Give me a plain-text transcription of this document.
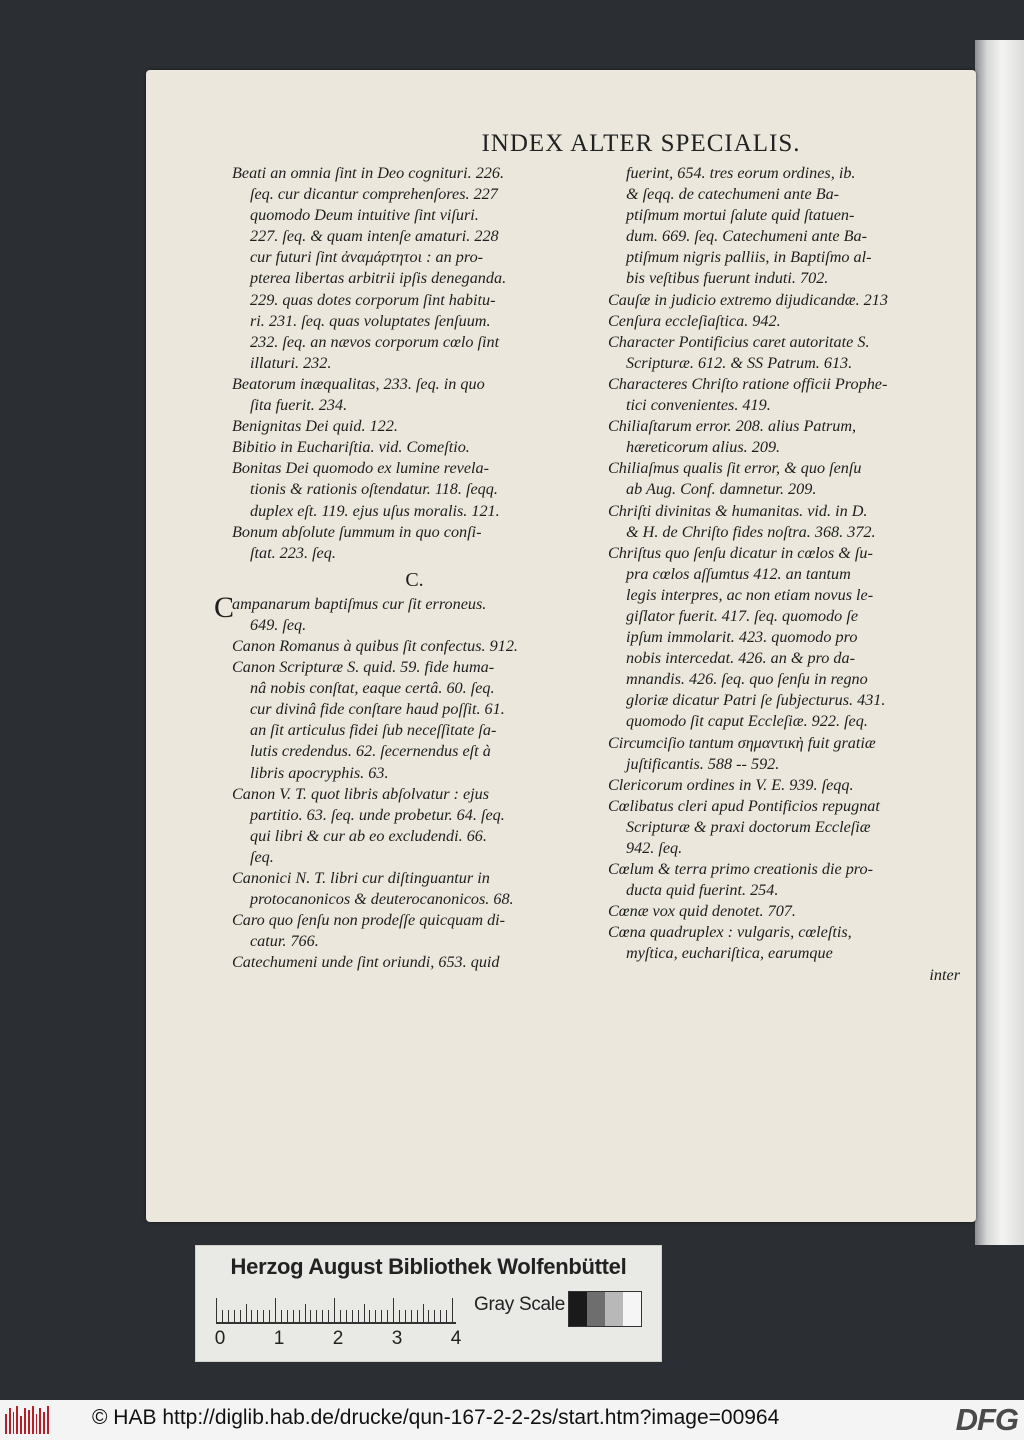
INDEX ALTER SPECIALIS.

Beati an omnia ſint in Deo cogniturі. 226.

ſeq. cur dicantur comprehenſores. 227

quomodo Deum intuitive ſint viſuri.

227. ſeq. & quam intenſe amaturi. 228

cur futuri ſint ἀναμάρτητοι : an pro-

pterea libertas arbitrii ipſis deneganda.

229. quas dotes corporum ſint habitu-

ri. 231. ſeq. quas voluptates ſenſuum.

232. ſeq. an nævos corporum cœlo ſint

illaturi. 232.

Beatorum inæqualitas, 233. ſeq. in quo

ſita fuerit. 234.

Benignitas Dei quid. 122.

Bibitio in Euchariſtia. vid. Comeſtio.

Bonitas Dei quomodo ex lumine revela-

tionis & rationis oſtendatur. 118. ſeqq.

duplex eſt. 119. ejus uſus moralis. 121.

Bonum abſolute ſummum in quo conſi-

ſtat. 223. ſeq.

C.

C
ampanarum baptiſmus cur ſit erroneus.

649. ſeq.

Canon Romanus à quibus ſit confectus. 912.

Canon Scripturæ S. quid. 59. fide huma-

nâ nobis conſtat, eaque certâ. 60. ſeq.

cur divinâ fide conſtare haud poſſit. 61.

an ſit articulus fidei ſub neceſſitate ſa-

lutis credendus. 62. ſecernendus eſt à

libris apocryphis. 63.

Canon V. T. quot libris abſolvatur : ejus

partitio. 63. ſeq. unde probetur. 64. ſeq.

qui libri & cur ab eo excludendi. 66.

ſeq.

Canonici N. T. libri cur diſtinguantur in

protocanonicos & deuterocanonicos. 68.

Caro quo ſenſu non prodeſſe quicquam di-

catur. 766.

Catechumeni unde ſint oriundi, 653. quid

fuerint, 654. tres eorum ordines, ib.

& ſeqq. de catechumeni ante Ba-

ptiſmum mortui ſalute quid ſtatuen-

dum. 669. ſeq. Catechumeni ante Ba-

ptiſmum nigris palliis, in Baptiſmo al-

bis veſtibus fuerunt induti. 702.

Cauſæ in judicio extremo dijudicandæ. 213

Cenſura eccleſiaſtica. 942.

Character Pontificius caret autoritate S.

Scripturæ. 612. & SS Patrum. 613.

Characteres Chriſto ratione officii Prophe-

tici convenientes. 419.

Chiliaſtarum error. 208. alius Patrum,

hæreticorum alius. 209.

Chiliaſmus qualis ſit error, & quo ſenſu

ab Aug. Conf. damnetur. 209.

Chriſti divinitas & humanitas. vid. in D.

& H. de Chriſto fides noſtra. 368. 372.

Chriſtus quo ſenſu dicatur in cœlos & ſu-

pra cœlos aſſumtus 412. an tantum

legis interpres, ac non etiam novus le-

giſlator fuerit. 417. ſeq. quomodo ſe

ipſum immolarit. 423. quomodo pro

nobis intercedat. 426. an & pro da-

mnandis. 426. ſeq. quo ſenſu in regno

gloriæ dicatur Patri ſe ſubjecturus. 431.

quomodo ſit caput Eccleſiæ. 922. ſeq.

Circumciſio tantum σημαντικὴ fuit gratiæ

juſtificantis. 588 -- 592.

Clericorum ordines in V. E. 939. ſeqq.

Cœlibatus cleri apud Pontificios repugnat

Scripturæ & praxi doctorum Eccleſiæ

942. ſeq.

Cœlum & terra primo creationis die pro-

ducta quid fuerint. 254.

Cœnæ vox quid denotet. 707.

Cœna quadruplex : vulgaris, cœleſtis,

myſtica, euchariſtica, earumque

inter

Herzog August Bibliothek Wolfenbüttel
0	1	2	3	4
Gray Scale
© HAB http://diglib.hab.de/drucke/qun-167-2-2-2s/start.htm?image=00964	DFG
